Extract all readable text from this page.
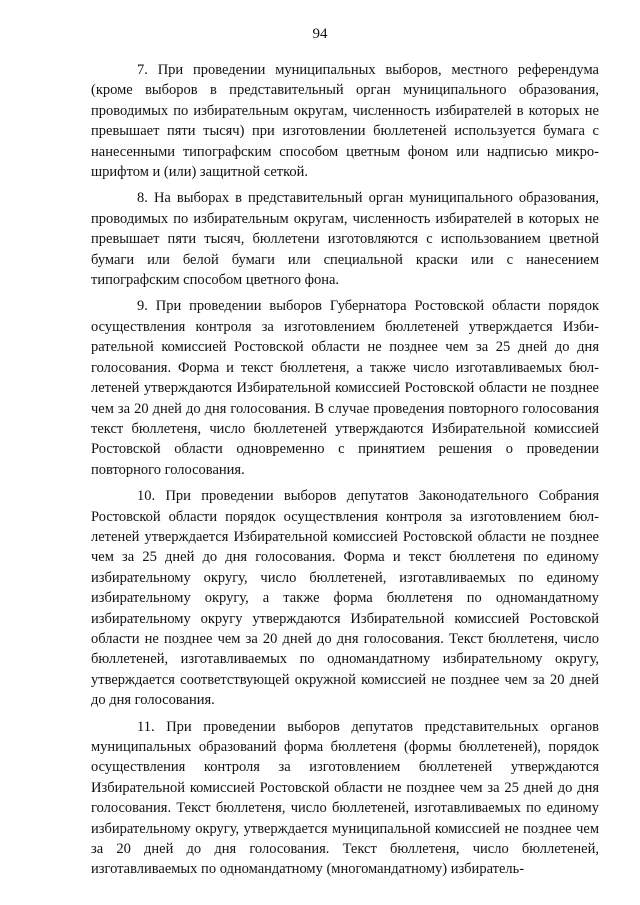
94

7. При проведении муниципальных выборов, местного референдума (кроме выборов в представительный орган муниципального образования, проводимых по избирательным округам, численность избирателей в которых не превышает пяти тысяч) при изготовлении бюллетеней используется бумага с нанесенными типографским способом цветным фоном или надписью микрошрифтом и (или) защитной сеткой.

8. На выборах в представительный орган муниципального образования, проводимых по избирательным округам, численность избирателей в которых не превышает пяти тысяч, бюллетени изготовляются с использованием цветной бумаги или белой бумаги или специальной краски или с нанесением типографским способом цветного фона.

9. При проведении выборов Губернатора Ростовской области порядок осуществления контроля за изготовлением бюллетеней утверждается Избирательной комиссией Ростовской области не позднее чем за 25 дней до дня голосования. Форма и текст бюллетеня, а также число изготавливаемых бюллетеней утверждаются Избирательной комиссией Ростовской области не позднее чем за 20 дней до дня голосования. В случае проведения повторного голосования текст бюллетеня, число бюллетеней утверждаются Избирательной комиссией Ростовской области одновременно с принятием решения о проведении повторного голосования.

10. При проведении выборов депутатов Законодательного Собрания Ростовской области порядок осуществления контроля за изготовлением бюллетеней утверждается Избирательной комиссией Ростовской области не позднее чем за 25 дней до дня голосования. Форма и текст бюллетеня по единому избирательному округу, число бюллетеней, изготавливаемых по единому избирательному округу, а также форма бюллетеня по одномандатному избирательному округу утверждаются Избирательной комиссией Ростовской области не позднее чем за 20 дней до дня голосования. Текст бюллетеня, число бюллетеней, изготавливаемых по одномандатному избирательному округу, утверждается соответствующей окружной комиссией не позднее чем за 20 дней до дня голосования.

11. При проведении выборов депутатов представительных органов муниципальных образований форма бюллетеня (формы бюллетеней), порядок осуществления контроля за изготовлением бюллетеней утверждаются Избирательной комиссией Ростовской области не позднее чем за 25 дней до дня голосования. Текст бюллетеня, число бюллетеней, изготавливаемых по единому избирательному округу, утверждается муниципальной комиссией не позднее чем за 20 дней до дня голосования. Текст бюллетеня, число бюллетеней, изготавливаемых по одномандатному (многомандатному) избиратель-
